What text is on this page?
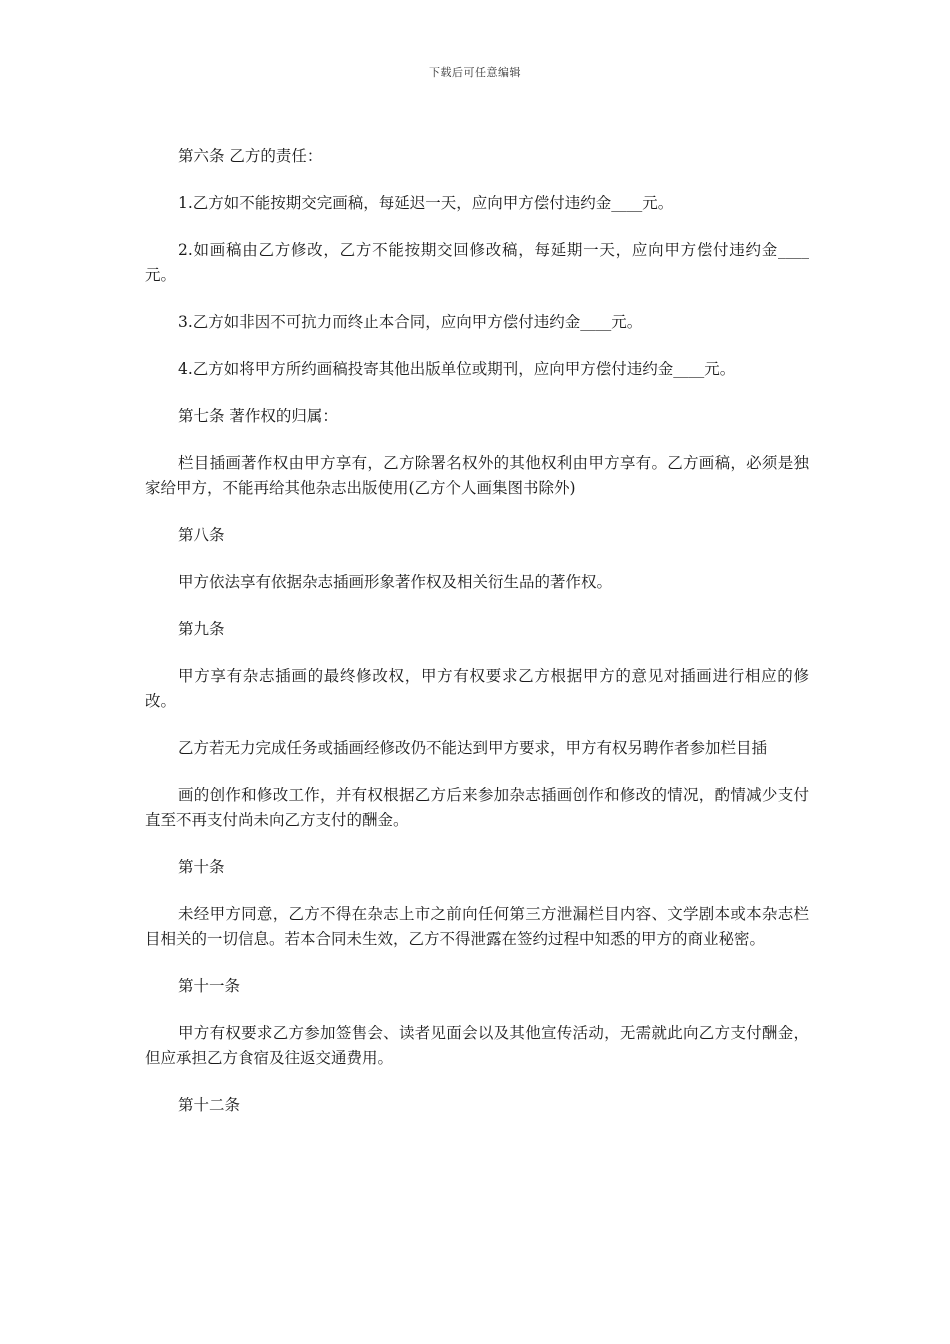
下载后可任意编辑

第六条 乙方的责任：

1.乙方如不能按期交完画稿，每延迟一天，应向甲方偿付违约金____元。

2.如画稿由乙方修改，乙方不能按期交回修改稿，每延期一天，应向甲方偿付违约金____元。

3.乙方如非因不可抗力而终止本合同，应向甲方偿付违约金____元。

4.乙方如将甲方所约画稿投寄其他出版单位或期刊，应向甲方偿付违约金____元。

第七条 著作权的归属：

栏目插画著作权由甲方享有，乙方除署名权外的其他权利由甲方享有。乙方画稿，必须是独家给甲方，不能再给其他杂志出版使用(乙方个人画集图书除外)

第八条

甲方依法享有依据杂志插画形象著作权及相关衍生品的著作权。

第九条

甲方享有杂志插画的最终修改权，甲方有权要求乙方根据甲方的意见对插画进行相应的修改。

乙方若无力完成任务或插画经修改仍不能达到甲方要求，甲方有权另聘作者参加栏目插

画的创作和修改工作，并有权根据乙方后来参加杂志插画创作和修改的情况，酌情减少支付直至不再支付尚未向乙方支付的酬金。

第十条

未经甲方同意，乙方不得在杂志上市之前向任何第三方泄漏栏目内容、文学剧本或本杂志栏目相关的一切信息。若本合同未生效，乙方不得泄露在签约过程中知悉的甲方的商业秘密。

第十一条

甲方有权要求乙方参加签售会、读者见面会以及其他宣传活动，无需就此向乙方支付酬金，但应承担乙方食宿及往返交通费用。

第十二条
